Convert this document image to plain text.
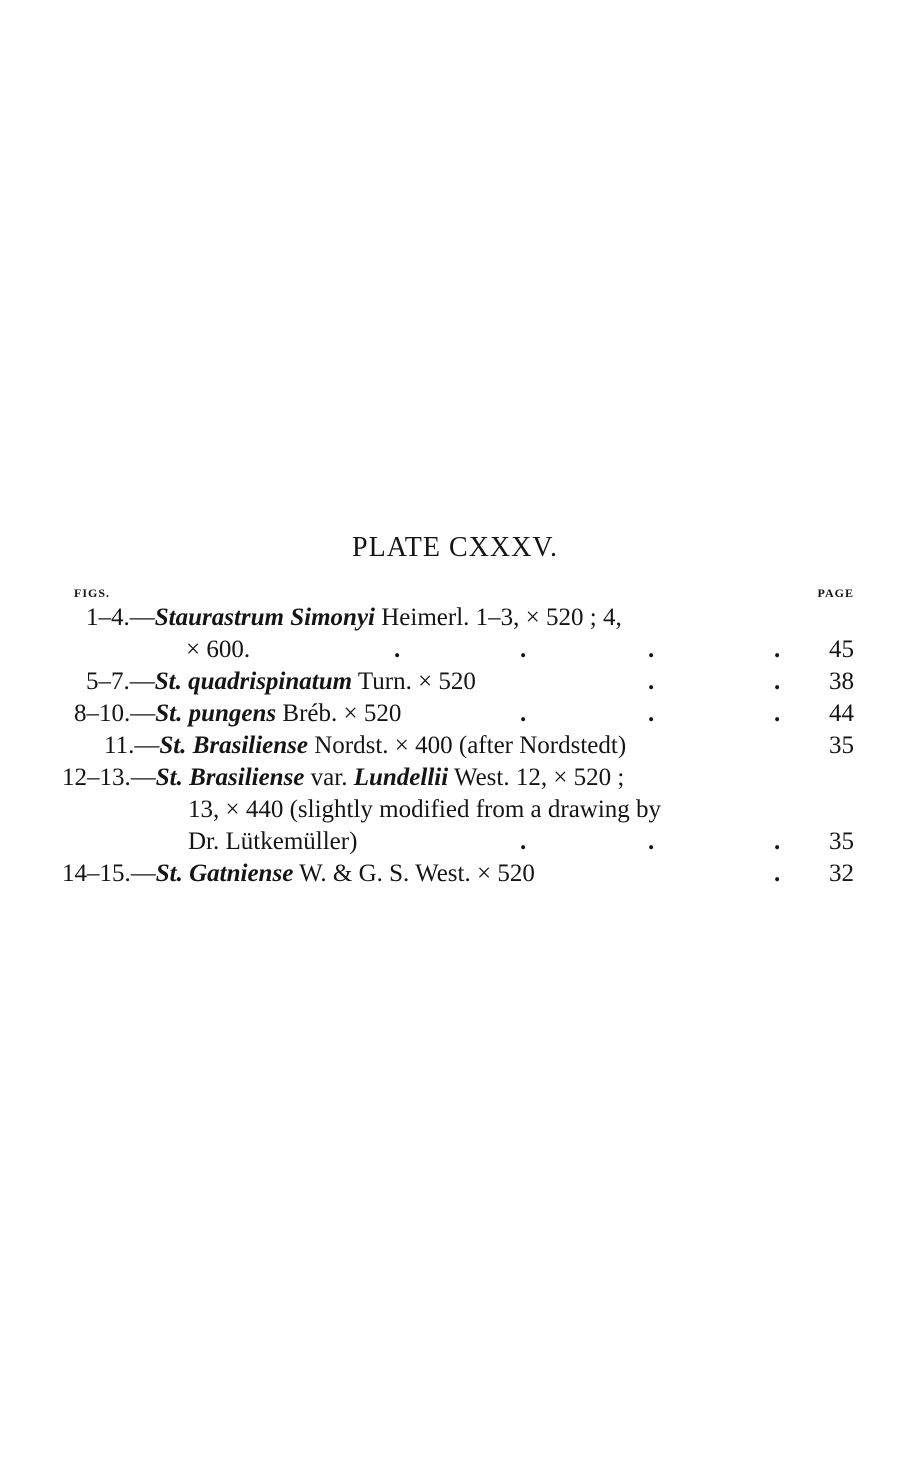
PLATE CXXXV.
FIGS.	PAGE
1–4.—Staurastrum Simonyi Heimerl. 1–3, × 520 ; 4,
× 600.	.	.	.	. 45
5–7.—St. quadrispinatum Turn. × 520	.	. 38
8–10.—St. pungens Bréb. × 520	.	.	. 44
11.—St. Brasiliense Nordst. × 400 (after Nordstedt)	35
12–13.—St. Brasiliense var. Lundellii West. 12, × 520 ;
13, × 440 (slightly modified from a drawing by
Dr. Lütkemüller)	.	.	. 35
14–15.—St. Gatniense W. & G. S. West. × 520	. 32
